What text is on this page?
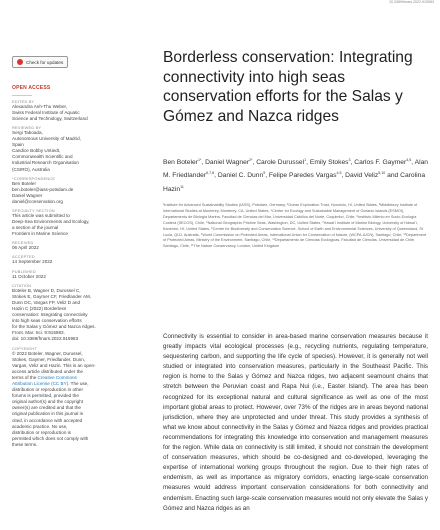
10.3389/fmars.2022.915983
Check for updates
OPEN ACCESS
EDITED BY
Alexandra Anh-Thu Weber,
Swiss Federal Institute of Aquatic
Science and Technology, Switzerland
REVIEWED BY
Sergi Taboada,
Autonomous University of Madrid,
Spain
Candice Bobby Untiedt,
Commonwealth Scientific and
Industrial Research Organisation
(CSIRO), Australia
*CORRESPONDENCE
Ben Boteler
ben.boteler@iass-potsdam.de
Daniel Wagner
daniel@conservation.org
SPECIALTY SECTION
This article was submitted to
Deep-Sea Environments and Ecology,
a section of the journal
Frontiers in Marine Science
RECEIVED
06 April 2022
ACCEPTED
14 September 2022
PUBLISHED
11 October 2022
CITATION
Boteler B, Wagner D, Durussel C,
Stokes E, Gaymer CF, Friedlander AM,
Dunn DC, Vargas FP, Veliz D and
Hazin C (2022) Borderless
conservation: Integrating connectivity
into high seas conservation efforts
for the Salas y Gómez and Nazca ridges.
Front. Mar. Sci. 9:915983.
doi: 10.3389/fmars.2022.915983
COPYRIGHT
© 2022 Boteler, Wagner, Durussel,
Stokes, Gaymer, Friedlander, Dunn,
Vargas, Veliz and Hazin. This is an open-
access article distributed under the
terms of the Creative Commons
Attribution License (CC BY). The use,
distribution or reproduction in other
forums is permitted, provided the
original author(s) and the copyright
owner(s) are credited and that the
original publication in this journal is
cited, in accordance with accepted
academic practice. No use,
distribution or reproduction is
permitted which does not comply with
these terms.
Borderless conservation: Integrating connectivity into high seas conservation efforts for the Salas y Gómez and Nazca ridges
Ben Boteler$^{1*}$, Daniel Wagner$^{2*}$, Carole Durussel$^1$, Emily Stokes$^3$, Carlos F. Gaymer$^{4,5}$, Alan M. Friedlander$^{6,7,8}$, Daniel C. Dunn$^9$, Felipe Paredes Vargas$^{4,5}$, David Veliz$^{5,10}$ and Carolina Hazin$^{11}$
¹Institute for Advanced Sustainability Studies (IASS), Potsdam, Germany, ²Ocean Exploration Trust, Honolulu, HI, United States, ³Middlebury Institute of International Studies at Monterey, Monterey, CA, United States, ⁴Center for Ecology and Sustainable Management of Oceanic Islands (ESMOI), Departamento de Biología Marina, Facultad de Ciencias del Mar, Universidad Católica del Norte, Coquimbo, Chile, ⁵Instituto Milenio en Socio-Ecología Costera (SECOS), Chile, ⁶National Geographic Pristine Seas, Washington, DC, United States, ⁷Hawaiʻi Institute of Marine Biology, University of Hawaiʻi, Kaneohe, HI, United States, ⁸Centre for Biodiversity and Conservation Science, School of Earth and Environmental Sciences, University of Queensland, St Lucia, QLD, Australia, ⁹World Commission on Protected Areas, International Union for Conservation of Nature, (WCPA-IUCN), Santiago, Chile, ¹⁰Department of Protected Areas, Ministry of the Environment, Santiago, Chile, ¹¹Departamento de Ciencias Ecológicas, Facultad de Ciencias, Universidad de Chile, Santiago, Chile, ¹¹The Nature Conservancy, London, United Kingdom
Connectivity is essential to consider in area-based marine conservation measures because it greatly impacts vital ecological processes (e.g., recycling nutrients, regulating temperature, sequestering carbon, and supporting the life cycle of species). However, it is generally not well studied or integrated into conservation measures, particularly in the Southeast Pacific. This region is home to the Salas y Gómez and Nazca ridges, two adjacent seamount chains that stretch between the Peruvian coast and Rapa Nui (i.e., Easter Island). The area has been recognized for its exceptional natural and cultural significance as well as one of the most important global areas to protect. However, over 73% of the ridges are in areas beyond national jurisdiction, where they are unprotected and under threat. This study provides a synthesis of what we know about connectivity in the Salas y Gómez and Nazca ridges and provides practical recommendations for integrating this knowledge into conservation and management measures for the region. While data on connectivity is still limited, it should not constrain the development of conservation measures, which should be co-designed and co-developed, leveraging the expertise of international working groups throughout the region. Due to their high rates of endemism, as well as importance as migratory corridors, enacting large-scale conservation measures would address important conservation considerations for both connectivity and endemism. Enacting such large-scale conservation measures would not only elevate the Salas y Gómez and Nazca ridges as an
